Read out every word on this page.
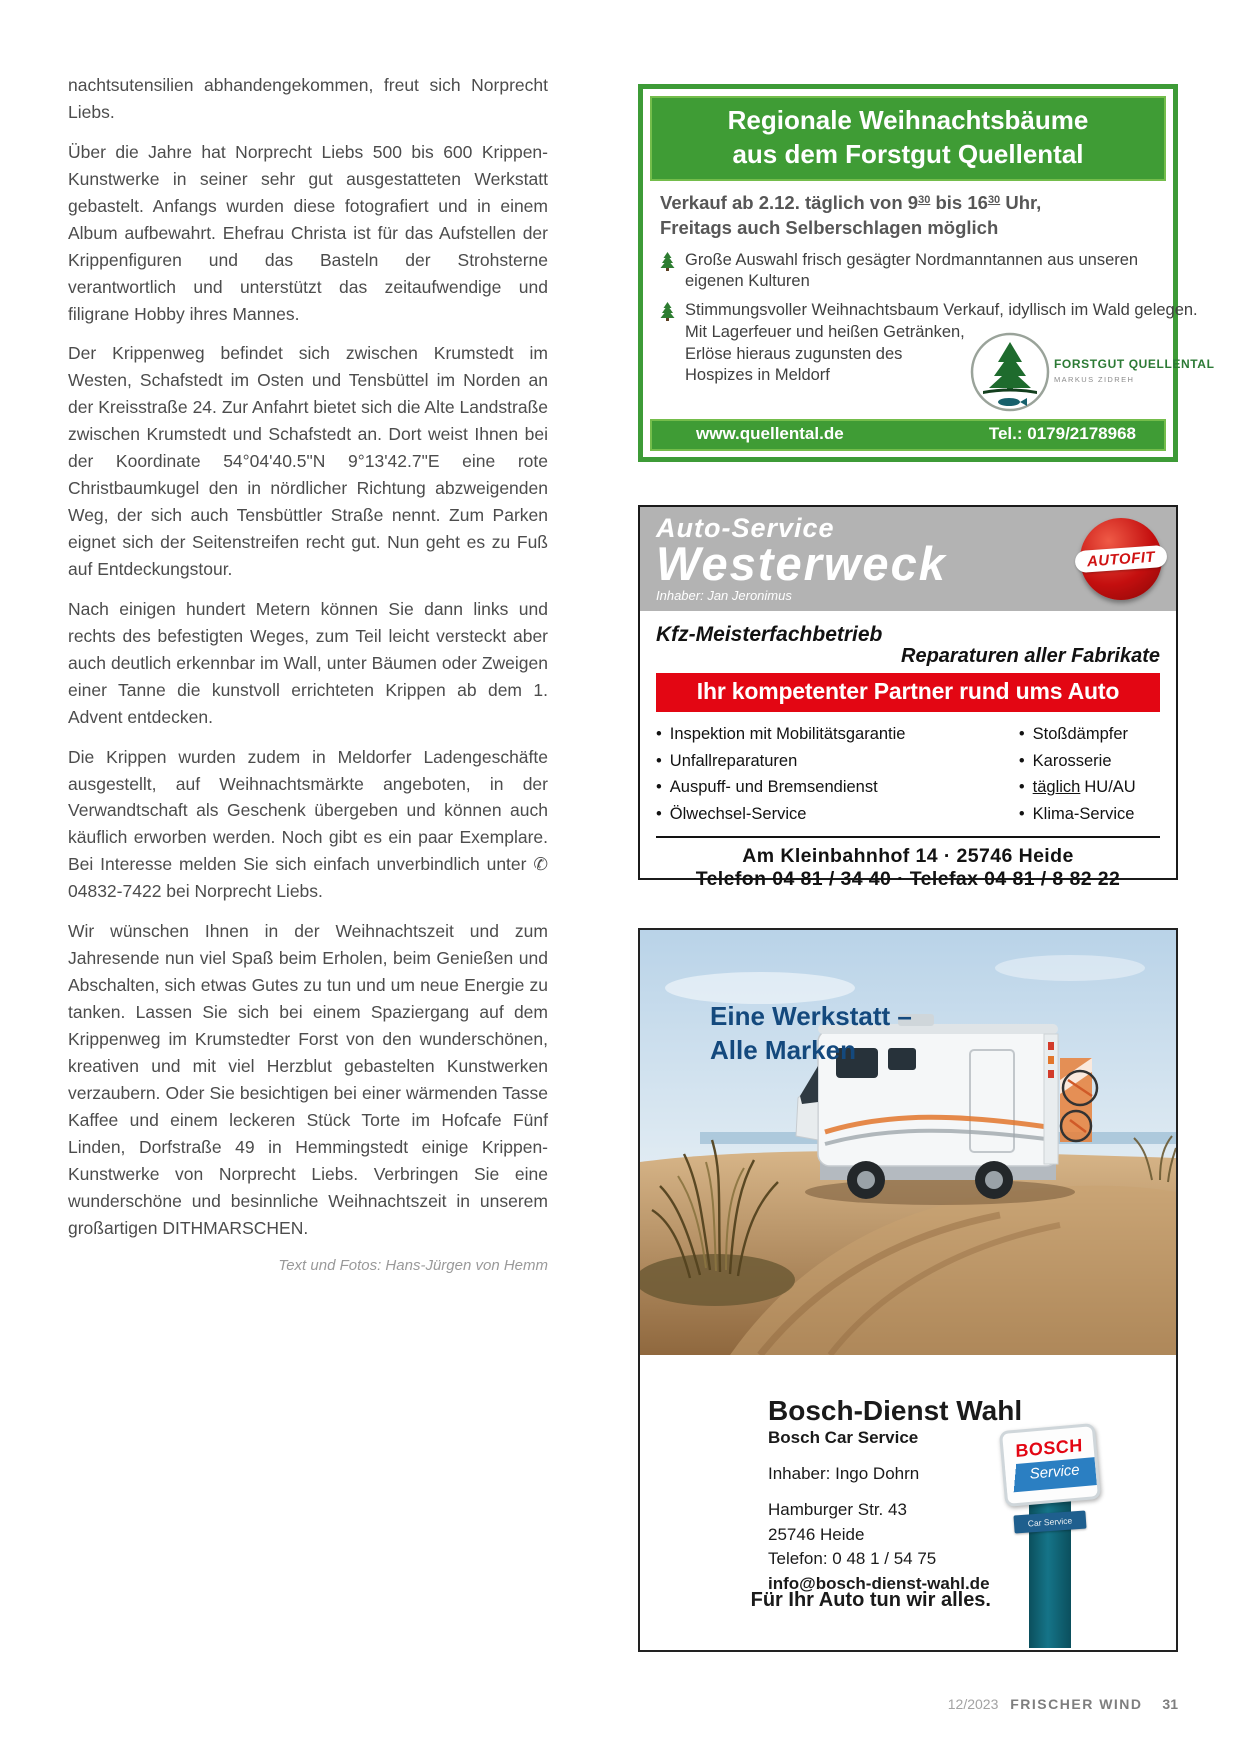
nachtsutensilien abhandengekommen, freut sich Norprecht Liebs.

Über die Jahre hat Norprecht Liebs 500 bis 600 Krippen-Kunstwerke in seiner sehr gut ausgestatteten Werkstatt gebastelt. Anfangs wurden diese fotografiert und in einem Album aufbewahrt. Ehefrau Christa ist für das Aufstellen der Krippenfiguren und das Basteln der Strohsterne verantwortlich und unterstützt das zeitaufwendige und filigrane Hobby ihres Mannes.

Der Krippenweg befindet sich zwischen Krumstedt im Westen, Schafstedt im Osten und Tensbüttel im Norden an der Kreisstraße 24. Zur Anfahrt bietet sich die Alte Landstraße zwischen Krumstedt und Schafstedt an. Dort weist Ihnen bei der Koordinate 54°04'40.5"N 9°13'42.7"E eine rote Christbaumkugel den in nördlicher Richtung abzweigenden Weg, der sich auch Tensbüttler Straße nennt. Zum Parken eignet sich der Seitenstreifen recht gut. Nun geht es zu Fuß auf Entdeckungstour.

Nach einigen hundert Metern können Sie dann links und rechts des befestigten Weges, zum Teil leicht versteckt aber auch deutlich erkennbar im Wall, unter Bäumen oder Zweigen einer Tanne die kunstvoll errichteten Krippen ab dem 1. Advent entdecken.

Die Krippen wurden zudem in Meldorfer Ladengeschäfte ausgestellt, auf Weihnachtsmärkte angeboten, in der Verwandtschaft als Geschenk übergeben und können auch käuflich erworben werden. Noch gibt es ein paar Exemplare. Bei Interesse melden Sie sich einfach unverbindlich unter ✆ 04832-7422 bei Norprecht Liebs.

Wir wünschen Ihnen in der Weihnachtszeit und zum Jahresende nun viel Spaß beim Erholen, beim Genießen und Abschalten, sich etwas Gutes zu tun und um neue Energie zu tanken. Lassen Sie sich bei einem Spaziergang auf dem Krippenweg im Krumstedter Forst von den wunderschönen, kreativen und mit viel Herzblut gebastelten Kunstwerken verzaubern. Oder Sie besichtigen bei einer wärmenden Tasse Kaffee und einem leckeren Stück Torte im Hofcafe Fünf Linden, Dorfstraße 49 in Hemmingstedt einige Krippen-Kunstwerke von Norprecht Liebs. Verbringen Sie eine wunderschöne und besinnliche Weihnachtszeit in unserem großartigen DITHMARSCHEN.

Text und Fotos: Hans-Jürgen von Hemm
Regionale Weihnachtsbäume
aus dem Forstgut Quellental
Verkauf ab 2.12. täglich von $9^{30}$ bis $16^{30}$ Uhr,
Freitags auch Selberschlagen möglich
Große Auswahl frisch gesägter Nordmanntannen aus unseren eigenen Kulturen
Stimmungsvoller Weihnachtsbaum Verkauf, idyllisch im Wald gelegen. Mit Lagerfeuer und heißen Getränken,
Erlöse hieraus zugunsten des Hospizes in Meldorf
FORSTGUT QUELLENTAL
MARKUS ZIDREH
www.quellental.de	Tel.: 0179/2178968
Auto-Service
Westerweck
Inhaber: Jan Jeronimus
AUTOFIT
Kfz-Meisterfachbetrieb
Reparaturen aller Fabrikate
Ihr kompetenter Partner rund ums Auto
• Inspektion mit Mobilitätsgarantie
• Unfallreparaturen
• Auspuff- und Bremsendienst
• Ölwechsel-Service
• Stoßdämpfer
• Karosserie
• täglich HU/AU
• Klima-Service
Am Kleinbahnhof 14 · 25746 Heide
Telefon 04 81 / 34 40 · Telefax 04 81 / 8 82 22
Eine Werkstatt –
Alle Marken
Bosch-Dienst Wahl
Bosch Car Service
Inhaber: Ingo Dohrn
Hamburger Str. 43
25746 Heide
Telefon: 0 48 1 / 54 75
info@bosch-dienst-wahl.de
Für Ihr Auto tun wir alles.
BOSCH
Service
Car Service
12/2023 FRISCHER WIND 31
